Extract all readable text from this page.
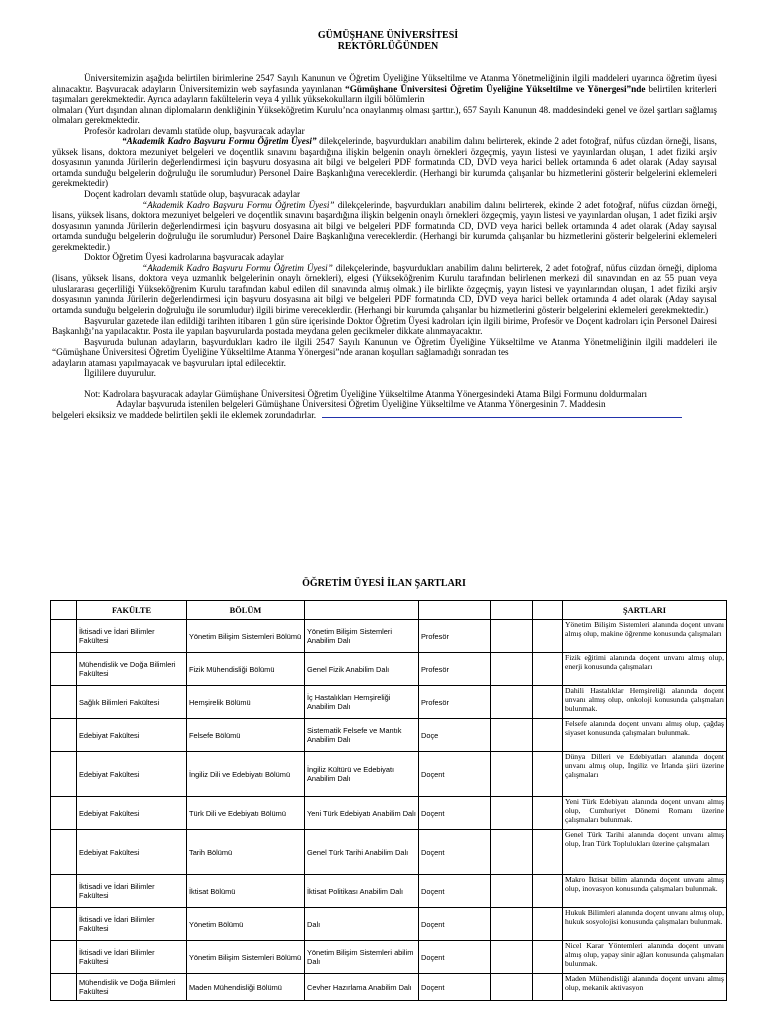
GÜMÜŞHANE ÜNİVERSİTESİ
REKTÖRLÜĞÜNDEN

Üniversitemizin aşağıda belirtilen birimlerine 2547 Sayılı Kanunun ve Öğretim Üyeliğine Yükseltilme ve Atanma Yönetmeliğinin ilgili maddeleri uyarınca öğretim üyesi alınacaktır. Başvuracak adayların Üniversitemizin web sayfasında yayınlanan “Gümüşhane Üniversitesi Öğretim Üyeliğine Yükseltilme ve Yönergesi”nde belirtilen kriterleri taşımaları gerekmektedir. Ayrıca adayların fakültelerin veya 4 yıllık yüksekokulların ilgili bölümlerin

olmaları (Yurt dışından alınan diplomaların denkliğinin Yükseköğretim Kurulu’nca onaylanmış olması şarttır.), 657 Sayılı Kanunun 48. maddesindeki genel ve özel şartları sağlamış olmaları gerekmektedir.

Profesör kadroları devamlı statüde olup, başvuracak adaylar
“Akademik Kadro Başvuru Formu Öğretim Üyesi” dilekçelerinde, başvurdukları anabilim dalını belirterek, ekinde 2 adet fotoğraf, nüfus cüzdan örneği, lisans, yüksek lisans, doktora mezuniyet belgeleri ve doçentlik sınavını başardığına ilişkin belgenin onaylı örnekleri özgeçmiş, yayın listesi ve yayınlardan oluşan, 1 adet fiziki arşiv dosyasının yanında Jürilerin değerlendirmesi için başvuru dosyasına ait bilgi ve belgeleri PDF formatında CD, DVD veya harici bellek ortamında 6 adet olarak (Aday sayısal ortamda sunduğu belgelerin doğruluğu ile sorumludur) Personel Daire Başkanlığına vereceklerdir. (Herhangi bir kurumda çalışanlar bu hizmetlerini gösterir belgelerini eklemeleri gerekmektedir)

Doçent kadroları devamlı statüde olup, başvuracak adaylar
“Akademik Kadro Başvuru Formu Öğretim Üyesi” dilekçelerinde, başvurdukları anabilim dalını belirterek, ekinde 2 adet fotoğraf, nüfus cüzdan örneği, lisans, yüksek lisans, doktora mezuniyet belgeleri ve doçentlik sınavını başardığına ilişkin belgenin onaylı örnekleri özgeçmiş, yayın listesi ve yayınlardan oluşan, 1 adet fiziki arşiv dosyasının yanında Jürilerin değerlendirmesi için başvuru dosyasına ait bilgi ve belgeleri PDF formatında CD, DVD veya harici bellek ortamında 4 adet olarak (Aday sayısal ortamda sunduğu belgelerin doğruluğu ile sorumludur) Personel Daire Başkanlığına vereceklerdir. (Herhangi bir kurumda çalışanlar bu hizmetlerini gösterir belgelerini eklemeleri gerekmektedir.)

Doktor Öğretim Üyesi kadrolarına başvuracak adaylar
“Akademik Kadro Başvuru Formu Öğretim Üyesi” dilekçelerinde, başvurdukları anabilim dalını belirterek, 2 adet fotoğraf, nüfus cüzdan örneği, diploma (lisans, yüksek lisans, doktora veya uzmanlık belgelerinin onaylı örnekleri), elgesi (Yükseköğrenim Kurulu tarafından belirlenen merkezi dil sınavından en az 55 puan veya uluslararası geçerliliği Yükseköğrenim Kurulu tarafından kabul edilen dil sınavında almış olmak.) ile birlikte özgeçmiş, yayın listesi ve yayınlarından oluşan, 1 adet fiziki arşiv dosyasının yanında Jürilerin değerlendirmesi için başvuru dosyasına ait bilgi ve belgeleri PDF formatında CD, DVD veya harici bellek ortamında 4 adet olarak (Aday sayısal ortamda sunduğu belgelerin doğruluğu ile sorumludur) ilgili birime vereceklerdir. (Herhangi bir kurumda çalışanlar bu hizmetlerini gösterir belgelerini eklemeleri gerekmektedir.)

Başvurular gazetede ilan edildiği tarihten itibaren 1 gün süre içerisinde Doktor Öğretim Üyesi kadroları için ilgili birime, Profesör ve Doçent kadroları için Personel Dairesi Başkanlığı’na yapılacaktır. Posta ile yapılan başvurularda postada meydana gelen gecikmeler dikkate alınmayacaktır.

Başvuruda bulunan adayların, başvurdukları kadro ile ilgili 2547 Sayılı Kanunun ve Öğretim Üyeliğine Yükseltilme ve Atanma Yönetmeliğinin ilgili maddeleri ile “Gümüşhane Üniversitesi Öğretim Üyeliğine Yükseltilme Atanma Yönergesi”nde aranan koşulları sağlamadığı sonradan tes

adayların ataması yapılmayacak ve başvuruları iptal edilecektir.

İlgililere duyurulur.

Not: Kadrolara başvuracak adaylar Gümüşhane Üniversitesi Öğretim Üyeliğine Yükseltilme Atanma Yönergesindeki Atama Bilgi Formunu doldurmaları

Adaylar başvuruda istenilen belgeleri Gümüşhane Üniversitesi Öğretim Üyeliğine Yükseltilme ve Atanma Yönergesinin 7. Maddesin

belgeleri eksiksiz ve maddede belirtilen şekli ile eklemek zorundadırlar.

ÖĞRETİM ÜYESİ İLAN ŞARTLARI
	FAKÜLTE	BÖLÜM					ŞARTLARI
	İktisadi ve İdari Bilimler Fakültesi	Yönetim Bilişim Sistemleri Bölümü	Yönetim Bilişim Sistemleri Anabilim Dalı	Profesör			Yönetim Bilişim Sistemleri alanında doçent unvanı almış olup, makine öğrenme konusunda çalışmaları
	Mühendislik ve Doğa Bilimleri Fakültesi	Fizik Mühendisliği Bölümü	Genel Fizik Anabilim Dalı	Profesör			Fizik eğitimi alanında doçent unvanı almış olup, enerji konusunda çalışmaları
	Sağlık Bilimleri Fakültesi	Hemşirelik Bölümü	İç Hastalıkları Hemşireliği Anabilim Dalı	Profesör			Dahili Hastalıklar Hemşireliği alanında doçent unvanı almış olup, onkoloji konusunda çalışmaları bulunmak.
	Edebiyat Fakültesi	Felsefe Bölümü	Sistematik Felsefe ve Mantık Anabilim Dalı	Doçe			Felsefe alanında doçent unvanı almış olup, çağdaş siyaset konusunda çalışmaları bulunmak.
	Edebiyat Fakültesi	İngiliz Dili ve Edebiyatı Bölümü	İngiliz Kültürü ve Edebiyatı Anabilim Dalı	Doçent			Dünya Dilleri ve Edebiyatları alanında doçent unvanı almış olup, İngiliz ve İrlanda şiiri üzerine çalışmaları
	Edebiyat Fakültesi	Türk Dili ve Edebiyatı Bölümü	Yeni Türk Edebiyatı Anabilim Dalı	Doçent			Yeni Türk Edebiyatı alanında doçent unvanı almış olup, Cumhuriyet Dönemi Romanı üzerine çalışmaları bulunmak.
	Edebiyat Fakültesi	Tarih Bölümü	Genel Türk Tarihi Anabilim Dalı	Doçent			Genel Türk Tarihi alanında doçent unvanı almış olup, İran Türk Toplulukları üzerine çalışmaları
	İktisadi ve İdari Bilimler Fakültesi	İktisat Bölümü	İktisat Politikası Anabilim Dalı	Doçent			Makro İktisat bilim alanında doçent unvanı almış olup, inovasyon konusunda çalışmaları bulunmak.
	İktisadi ve İdari Bilimler Fakültesi	Yönetim Bölümü	Dalı	Doçent			Hukuk Bilimleri alanında doçent unvanı almış olup, hukuk sosyolojisi konusunda çalışmaları bulunmak.
	İktisadi ve İdari Bilimler Fakültesi	Yönetim Bilişim Sistemleri Bölümü	Yönetim Bilişim Sistemleri abilim Dalı	Doçent			Nicel Karar Yöntemleri alanında doçent unvanı almış olup, yapay sinir ağları konusunda çalışmaları bulunmak.
	Mühendislik ve Doğa Bilimleri Fakültesi	Maden Mühendisliği Bölümü	Cevher Hazırlama Anabilim Dalı	Doçent			Maden Mühendisliği alanında doçent unvanı almış olup, mekanik aktivasyon
